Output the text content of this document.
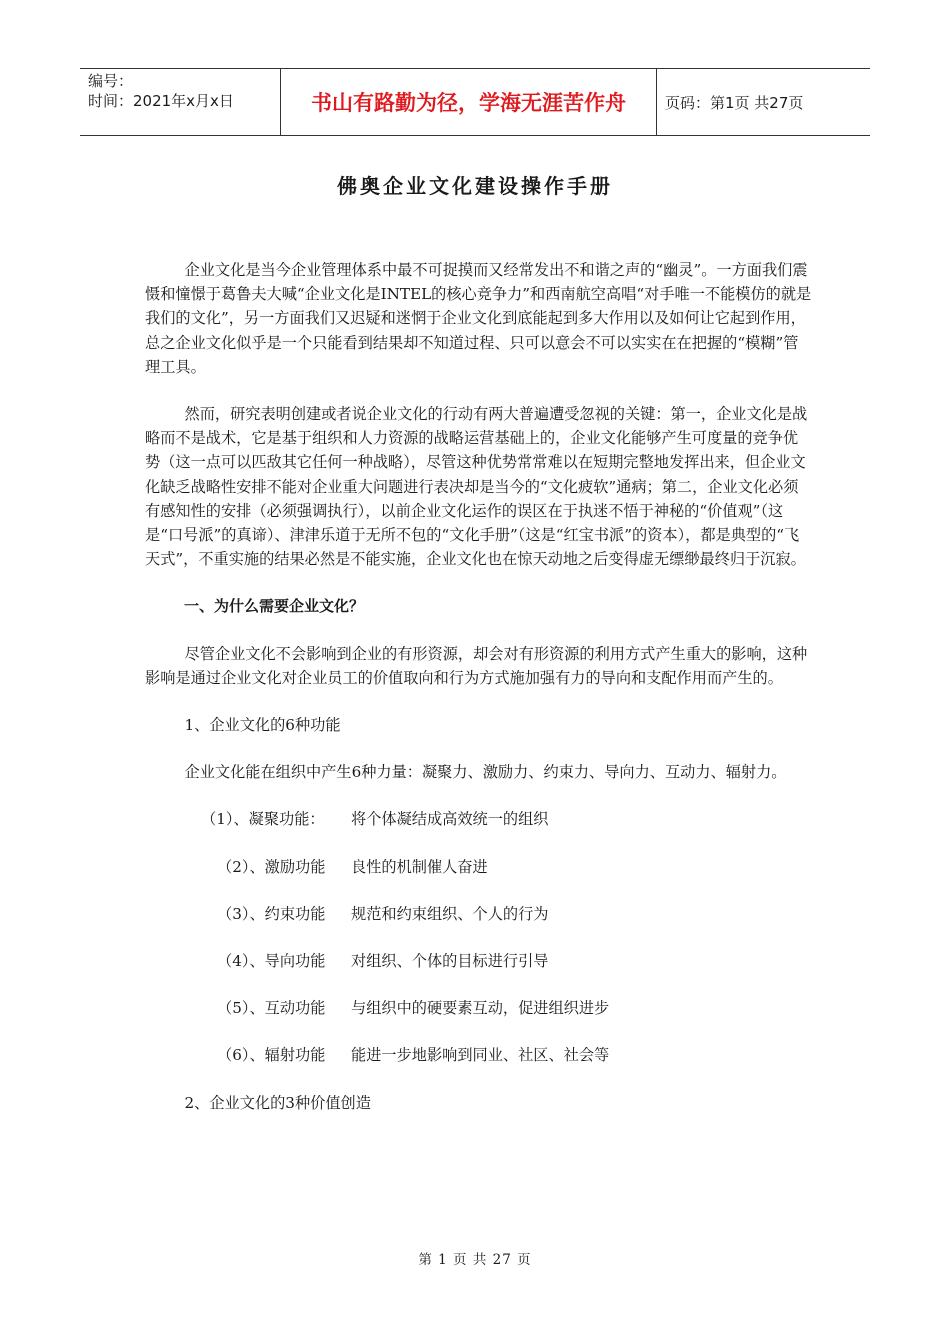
编号：
时间：2021年x月x日	书山有路勤为径，学海无涯苦作舟	页码：第1页 共27页
佛奥企业文化建设操作手册

企业文化是当今企业管理体系中最不可捉摸而又经常发出不和谐之声的“幽灵”。一方面我们震慑和憧憬于葛鲁夫大喊“企业文化是INTEL的核心竞争力”和西南航空高唱“对手唯一不能模仿的就是我们的文化”，另一方面我们又迟疑和迷惘于企业文化到底能起到多大作用以及如何让它起到作用，总之企业文化似乎是一个只能看到结果却不知道过程、只可以意会不可以实实在在把握的“模糊”管理工具。

然而，研究表明创建或者说企业文化的行动有两大普遍遭受忽视的关键：第一，企业文化是战略而不是战术，它是基于组织和人力资源的战略运营基础上的，企业文化能够产生可度量的竞争优势（这一点可以匹敌其它任何一种战略），尽管这种优势常常难以在短期完整地发挥出来，但企业文化缺乏战略性安排不能对企业重大问题进行表决却是当今的“文化疲软”通病；第二，企业文化必须有感知性的安排（必须强调执行），以前企业文化运作的误区在于执迷不悟于神秘的“价值观”（这是“口号派”的真谛）、津津乐道于无所不包的“文化手册”（这是“红宝书派”的资本），都是典型的“飞天式”，不重实施的结果必然是不能实施，企业文化也在惊天动地之后变得虚无缥缈最终归于沉寂。

一、为什么需要企业文化？

尽管企业文化不会影响到企业的有形资源，却会对有形资源的利用方式产生重大的影响，这种影响是通过企业文化对企业员工的价值取向和行为方式施加强有力的导向和支配作用而产生的。

1、企业文化的6种功能

企业文化能在组织中产生6种力量：凝聚力、激励力、约束力、导向力、互动力、辐射力。

（1）、凝聚功能：	将个体凝结成高效统一的组织
（2）、激励功能	良性的机制催人奋进
（3）、约束功能	规范和约束组织、个人的行为
（4）、导向功能	对组织、个体的目标进行引导
（5）、互动功能	与组织中的硬要素互动，促进组织进步
（6）、辐射功能	能进一步地影响到同业、社区、社会等

2、企业文化的3种价值创造

第 1 页 共 27 页
